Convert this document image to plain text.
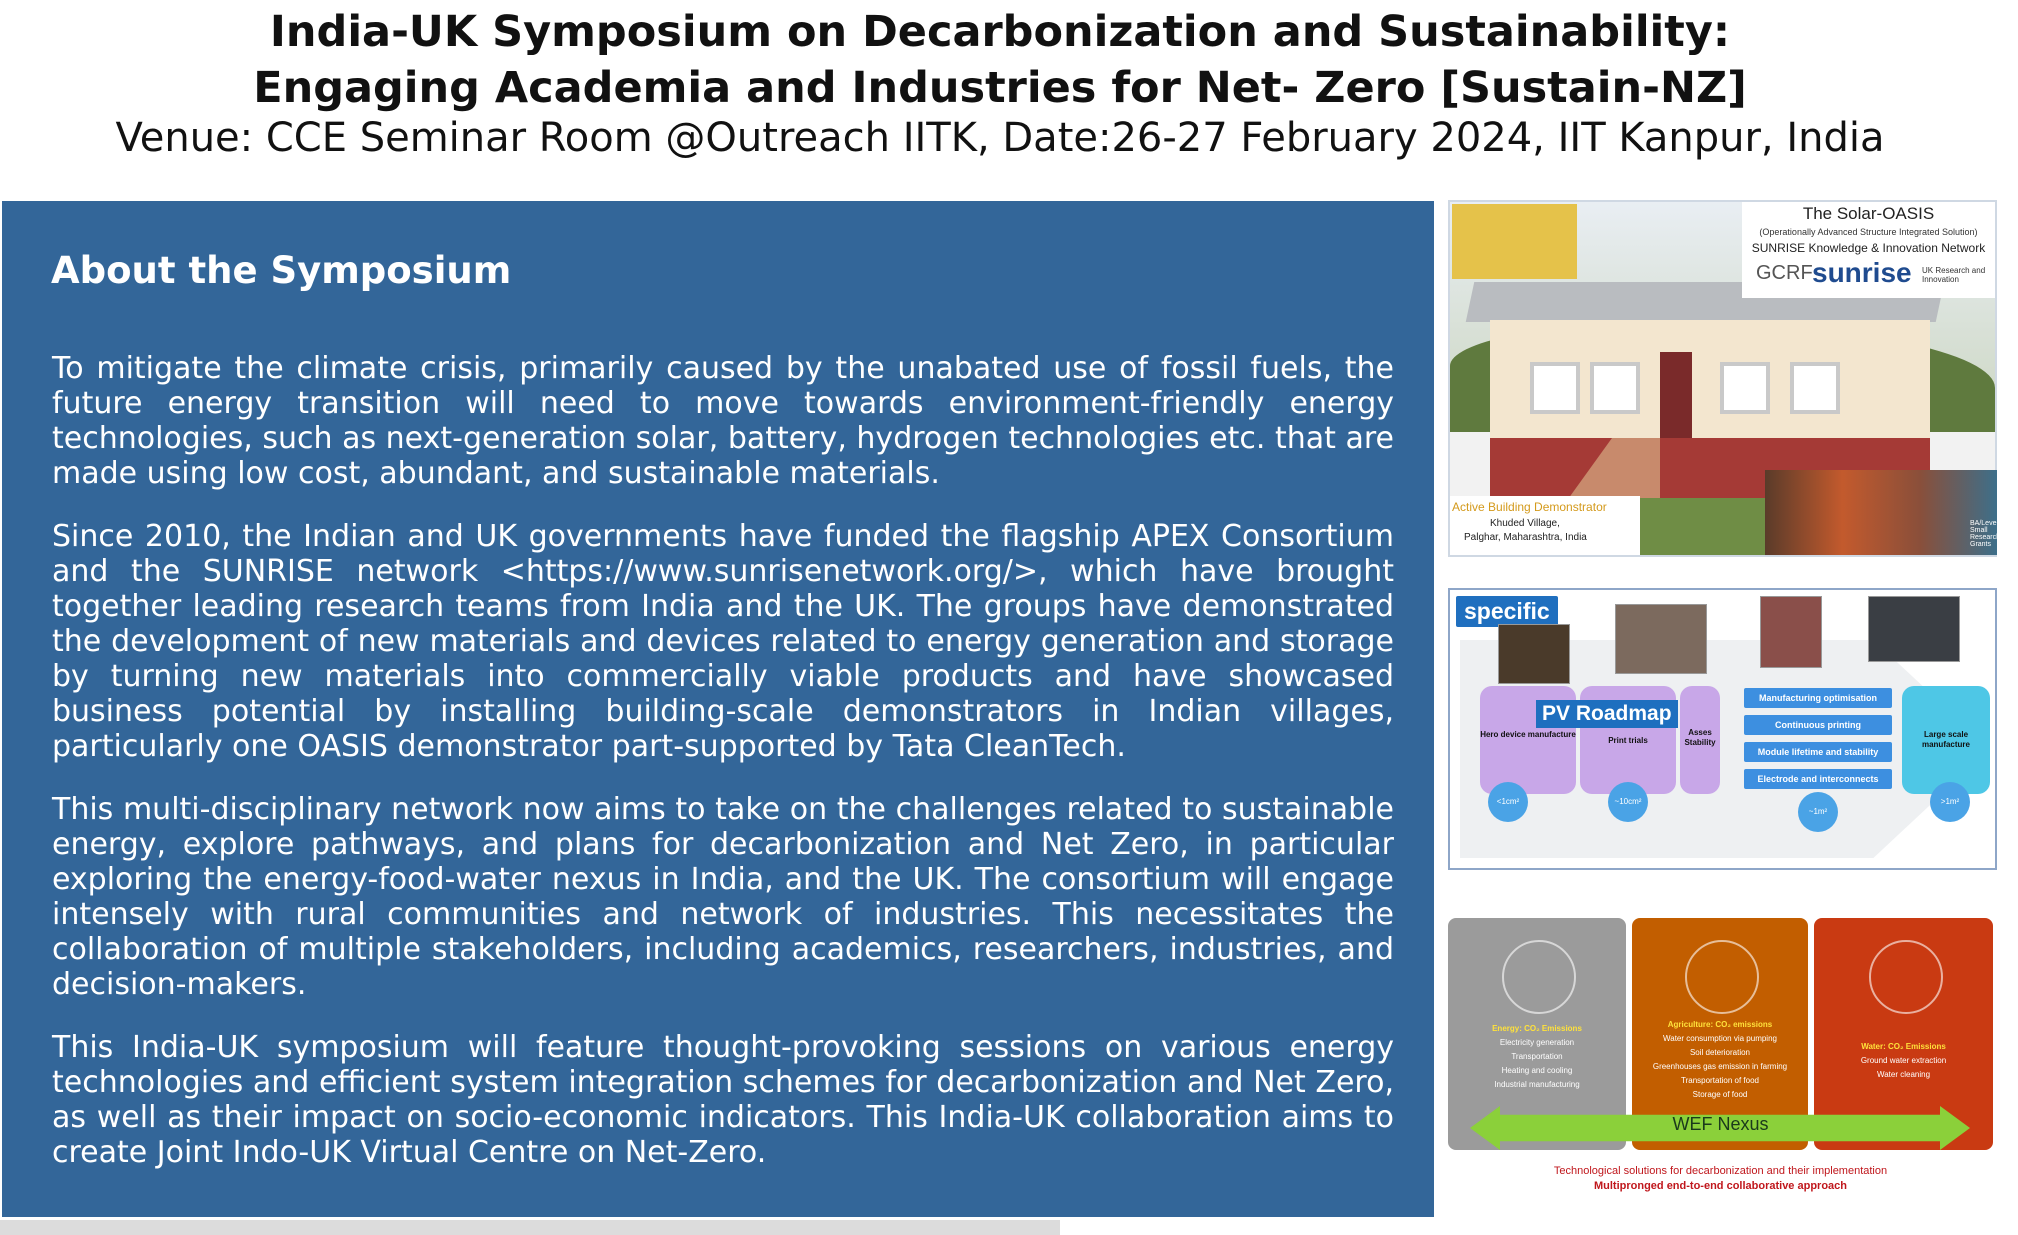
India-UK Symposium on Decarbonization and Sustainability:
Engaging Academia and Industries for Net- Zero [Sustain-NZ]
Venue: CCE Seminar Room @Outreach IITK, Date:26-27 February 2024, IIT Kanpur, India
About the Symposium

To mitigate the climate crisis, primarily caused by the unabated use of fossil fuels, the future energy transition will need to move towards environment-friendly energy technologies, such as next-generation solar, battery, hydrogen technologies etc. that are made using low cost, abundant, and sustainable materials.

Since 2010, the Indian and UK governments have funded the flagship APEX Consortium and the SUNRISE network <https://www.sunrisenetwork.org/>, which have brought together leading research teams from India and the UK. The groups have demonstrated the development of new materials and devices related to energy generation and storage by turning new materials into commercially viable products and have showcased business potential by installing building-scale demonstrators in Indian villages, particularly one OASIS demonstrator part-supported by Tata CleanTech.

This multi-disciplinary network now aims to take on the challenges related to sustainable energy, explore pathways, and plans for decarbonization and Net Zero, in particular exploring the energy-food-water nexus in India, and the UK. The consortium will engage intensely with rural communities and network of industries. This necessitates the collaboration of multiple stakeholders, including academics, researchers, industries, and decision-makers.

This India-UK symposium will feature thought-provoking sessions on various energy technologies and efficient system integration schemes for decarbonization and Net Zero, as well as their impact on socio-economic indicators. This India-UK collaboration aims to create Joint Indo-UK Virtual Centre on Net-Zero.

The Solar-OASIS
(Operationally Advanced Structure Integrated Solution)
SUNRISE Knowledge & Innovation Network
GCRF sunrise UK Research and Innovation
Active Building Demonstrator
Khuded Village,
Palghar, Maharashtra, India
BA/Leverhulme Small Research Grants
specific
PV Roadmap
Hero device manufacture
Print trials
Asses Stability
Manufacturing optimisation
Continuous printing
Module lifetime and stability
Electrode and interconnects
Large scale manufacture
<1cm²	~10cm²
~1m²
>1m²
Energy: CO₂ Emissions
Electricity generation
Transportation
Heating and cooling
Industrial manufacturing
Agriculture: CO₂ emissions
Water consumption via pumping
Soil deterioration
Greenhouses gas emission in farming
Transportation of food
Storage of food
Water: CO₂ Emissions
Ground water extraction
Water cleaning
WEF Nexus
Technological solutions for decarbonization and their implementation
Multipronged end-to-end collaborative approach
